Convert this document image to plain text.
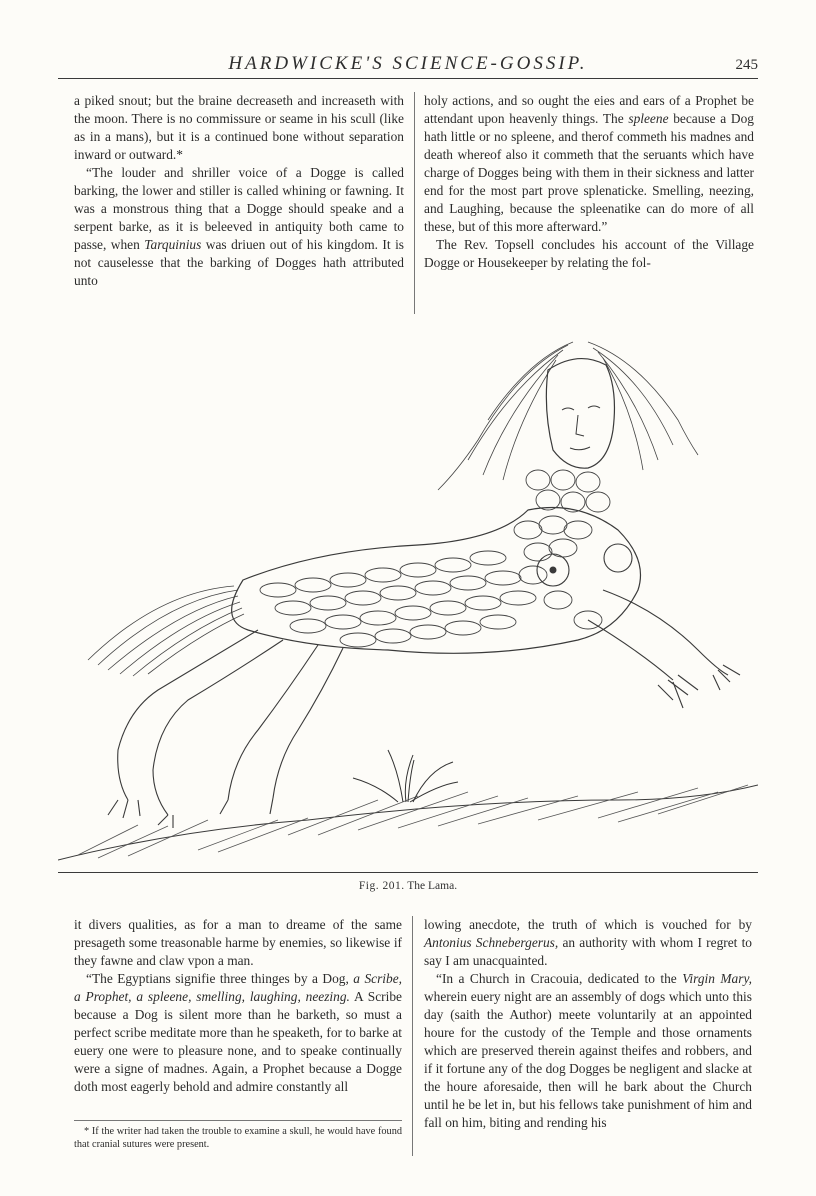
HARDWICKE'S SCIENCE-GOSSIP.	245

a piked snout; but the braine decreaseth and increaseth with the moon. There is no commissure or seame in his scull (like as in a mans), but it is a continued bone without separation inward or outward.*

“The louder and shriller voice of a Dogge is called barking, the lower and stiller is called whining or fawning. It was a monstrous thing that a Dogge should speake and a serpent barke, as it is beleeved in antiquity both came to passe, when Tarquinius was driuen out of his kingdom. It is not causelesse that the barking of Dogges hath attributed unto

holy actions, and so ought the eies and ears of a Prophet be attendant upon heavenly things. The spleene because a Dog hath little or no spleene, and therof commeth his madnes and death whereof also it commeth that the seruants which have charge of Dogges being with them in their sickness and latter end for the most part prove splenaticke. Smelling, neezing, and Laughing, because the spleenatike can do more of all these, but of this more afterward.”

The Rev. Topsell concludes his account of the Village Dogge or Housekeeper by relating the fol-

Fig. 201. The Lama.

it divers qualities, as for a man to dreame of the same presageth some treasonable harme by enemies, so likewise if they fawne and claw vpon a man.

“The Egyptians signifie three thinges by a Dog, a Scribe, a Prophet, a spleene, smelling, laughing, neezing. A Scribe because a Dog is silent more than he barketh, so must a perfect scribe meditate more than he speaketh, for to barke at euery one were to pleasure none, and to speake continually were a signe of madnes. Again, a Prophet because a Dogge doth most eagerly behold and admire constantly all

lowing anecdote, the truth of which is vouched for by Antonius Schnebergerus, an authority with whom I regret to say I am unacquainted.

“In a Church in Cracouia, dedicated to the Virgin Mary, wherein euery night are an assembly of dogs which unto this day (saith the Author) meete voluntarily at an appointed houre for the custody of the Temple and those ornaments which are preserved therein against theifes and robbers, and if it fortune any of the dog Dogges be negligent and slacke at the houre aforesaide, then will he bark about the Church until he be let in, but his fellows take punishment of him and fall on him, biting and rending his

* If the writer had taken the trouble to examine a skull, he would have found that cranial sutures were present.
